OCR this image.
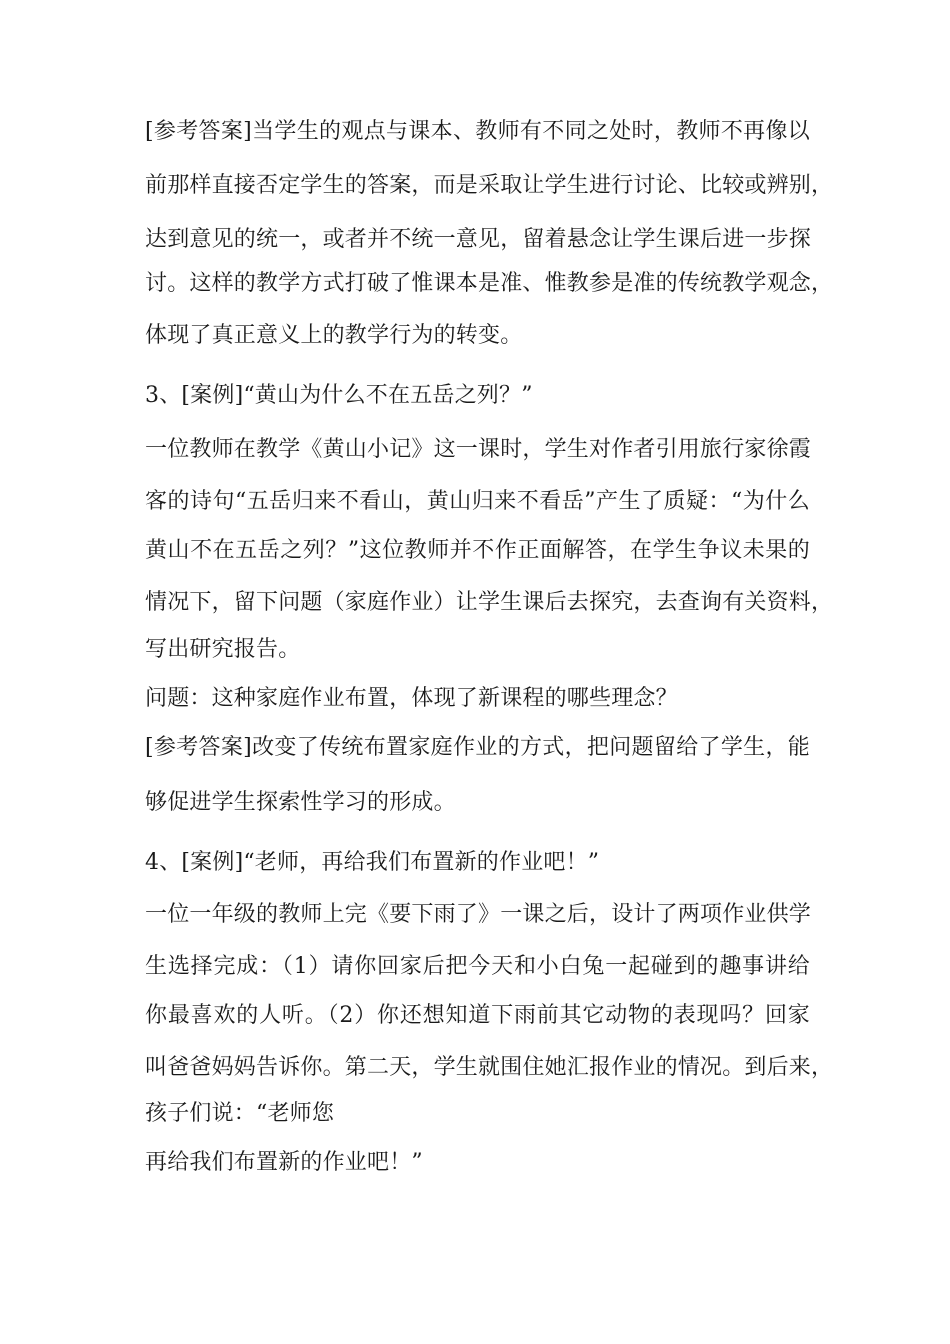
[参考答案]当学生的观点与课本、教师有不同之处时，教师不再像以
前那样直接否定学生的答案，而是采取让学生进行讨论、比较或辨别，
达到意见的统一，或者并不统一意见，留着悬念让学生课后进一步探
讨。这样的教学方式打破了惟课本是准、惟教参是准的传统教学观念，
体现了真正意义上的教学行为的转变。
3、[案例]“黄山为什么不在五岳之列？”
一位教师在教学《黄山小记》这一课时，学生对作者引用旅行家徐霞
客的诗句“五岳归来不看山，黄山归来不看岳”产生了质疑：“为什么
黄山不在五岳之列？”这位教师并不作正面解答，在学生争议未果的
情况下，留下问题（家庭作业）让学生课后去探究，去查询有关资料，
写出研究报告。
问题：这种家庭作业布置，体现了新课程的哪些理念？
[参考答案]改变了传统布置家庭作业的方式，把问题留给了学生，能
够促进学生探索性学习的形成。
4、[案例]“老师，再给我们布置新的作业吧！”
一位一年级的教师上完《要下雨了》一课之后，设计了两项作业供学
生选择完成：（1）请你回家后把今天和小白兔一起碰到的趣事讲给
你最喜欢的人听。（2）你还想知道下雨前其它动物的表现吗？回家
叫爸爸妈妈告诉你。第二天，学生就围住她汇报作业的情况。到后来，
孩子们说：“老师您
再给我们布置新的作业吧！”
